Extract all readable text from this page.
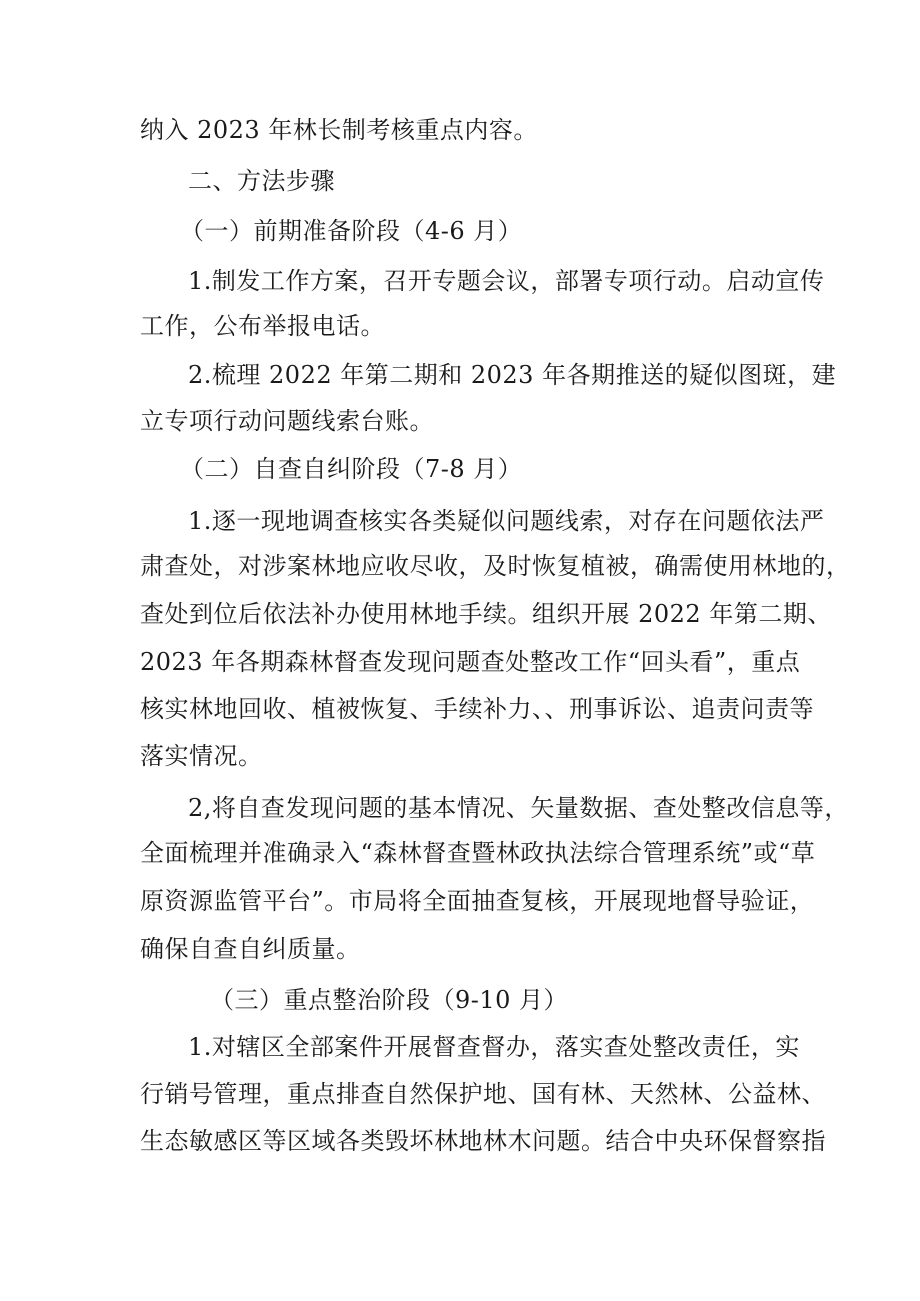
纳入 2023 年林长制考核重点内容。
二、方法步骤
（一）前期准备阶段（4-6 月）
1.制发工作方案，召开专题会议，部署专项行动。启动宣传
工作，公布举报电话。
2.梳理 2022 年第二期和 2023 年各期推送的疑似图斑，建
立专项行动问题线索台账。
（二）自查自纠阶段（7-8 月）
1.逐一现地调查核实各类疑似问题线索，对存在问题依法严
肃查处，对涉案林地应收尽收，及时恢复植被，确需使用林地的，
查处到位后依法补办使用林地手续。组织开展 2022 年第二期、
2023 年各期森林督查发现问题查处整改工作“回头看”，重点
核实林地回收、植被恢复、手续补力、、刑事诉讼、追责问责等
落实情况。
2,将自查发现问题的基本情况、矢量数据、查处整改信息等，
全面梳理并准确录入“森林督查暨林政执法综合管理系统”或“草
原资源监管平台”。市局将全面抽查复核，开展现地督导验证，
确保自查自纠质量。
（三）重点整治阶段（9-10 月）
1.对辖区全部案件开展督查督办，落实查处整改责任，实
行销号管理，重点排查自然保护地、国有林、天然林、公益林、
生态敏感区等区域各类毁坏林地林木问题。结合中央环保督察指
